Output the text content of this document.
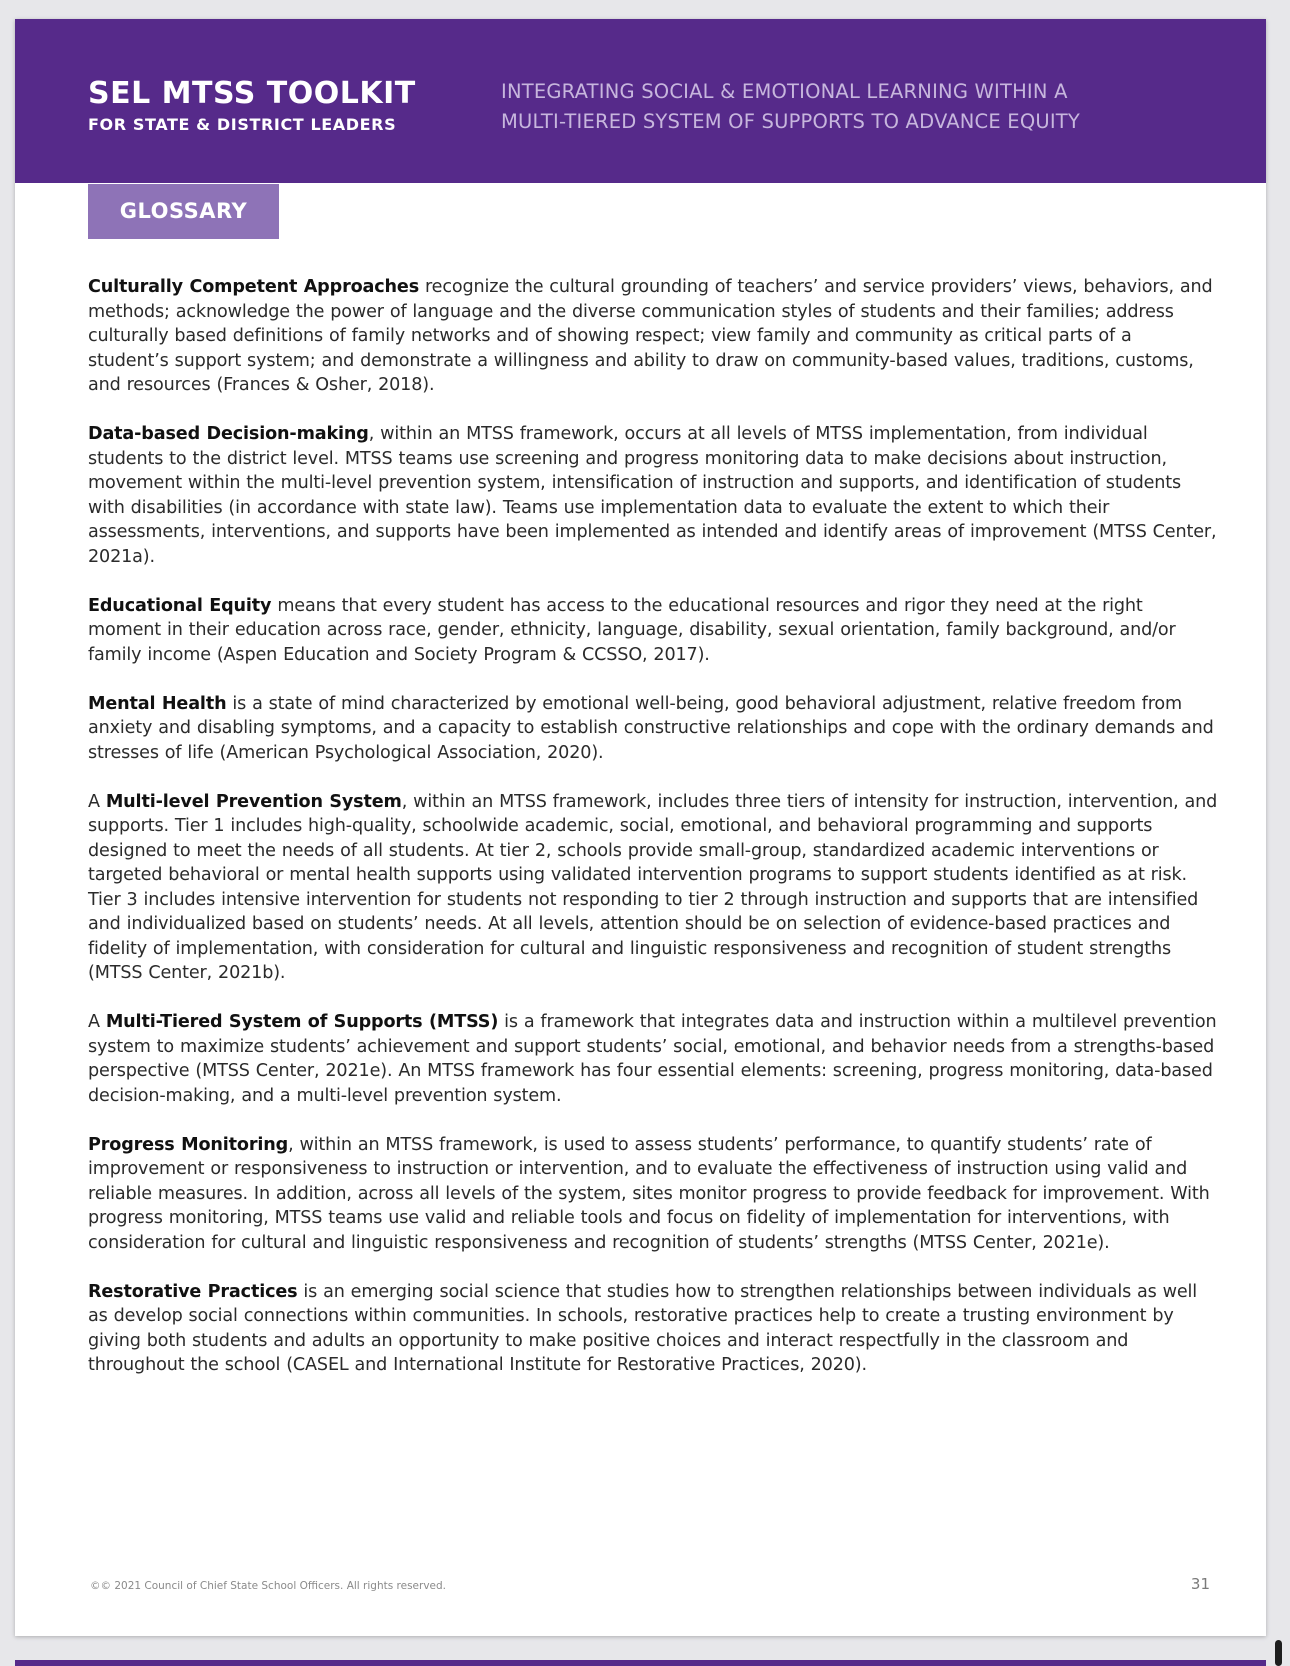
SEL MTSS TOOLKIT
FOR STATE & DISTRICT LEADERS
INTEGRATING SOCIAL & EMOTIONAL LEARNING WITHIN A
MULTI-TIERED SYSTEM OF SUPPORTS TO ADVANCE EQUITY
GLOSSARY

Culturally Competent Approaches recognize the cultural grounding of teachers’ and service providers’ views, behaviors, and methods; acknowledge the power of language and the diverse communication styles of students and their families; address culturally based definitions of family networks and of showing respect; view family and community as critical parts of a student’s support system; and demonstrate a willingness and ability to draw on community-based values, traditions, customs, and resources (Frances & Osher, 2018).

Data-based Decision-making, within an MTSS framework, occurs at all levels of MTSS implementation, from individual students to the district level. MTSS teams use screening and progress monitoring data to make decisions about instruction, movement within the multi-level prevention system, intensification of instruction and supports, and identification of students with disabilities (in accordance with state law). Teams use implementation data to evaluate the extent to which their assessments, interventions, and supports have been implemented as intended and identify areas of improvement (MTSS Center, 2021a).

Educational Equity means that every student has access to the educational resources and rigor they need at the right moment in their education across race, gender, ethnicity, language, disability, sexual orientation, family background, and/or family income (Aspen Education and Society Program & CCSSO, 2017).

Mental Health is a state of mind characterized by emotional well-being, good behavioral adjustment, relative freedom from anxiety and disabling symptoms, and a capacity to establish constructive relationships and cope with the ordinary demands and stresses of life (American Psychological Association, 2020).

A Multi-level Prevention System, within an MTSS framework, includes three tiers of intensity for instruction, intervention, and supports. Tier 1 includes high-quality, schoolwide academic, social, emotional, and behavioral programming and supports designed to meet the needs of all students. At tier 2, schools provide small-group, standardized academic interventions or targeted behavioral or mental health supports using validated intervention programs to support students identified as at risk. Tier 3 includes intensive intervention for students not responding to tier 2 through instruction and supports that are intensified and individualized based on students’ needs. At all levels, attention should be on selection of evidence-based practices and fidelity of implementation, with consideration for cultural and linguistic responsiveness and recognition of student strengths (MTSS Center, 2021b).

A Multi-Tiered System of Supports (MTSS) is a framework that integrates data and instruction within a multilevel prevention system to maximize students’ achievement and support students’ social, emotional, and behavior needs from a strengths-based perspective (MTSS Center, 2021e). An MTSS framework has four essential elements: screening, progress monitoring, data-based decision-making, and a multi-level prevention system.

Progress Monitoring, within an MTSS framework, is used to assess students’ performance, to quantify students’ rate of improvement or responsiveness to instruction or intervention, and to evaluate the effectiveness of instruction using valid and reliable measures. In addition, across all levels of the system, sites monitor progress to provide feedback for improvement. With progress monitoring, MTSS teams use valid and reliable tools and focus on fidelity of implementation for interventions, with consideration for cultural and linguistic responsiveness and recognition of students’ strengths (MTSS Center, 2021e).

Restorative Practices is an emerging social science that studies how to strengthen relationships between individuals as well as develop social connections within communities. In schools, restorative practices help to create a trusting environment by giving both students and adults an opportunity to make positive choices and interact respectfully in the classroom and throughout the school (CASEL and International Institute for Restorative Practices, 2020).

©© 2021 Council of Chief State School Officers. All rights reserved.	31
